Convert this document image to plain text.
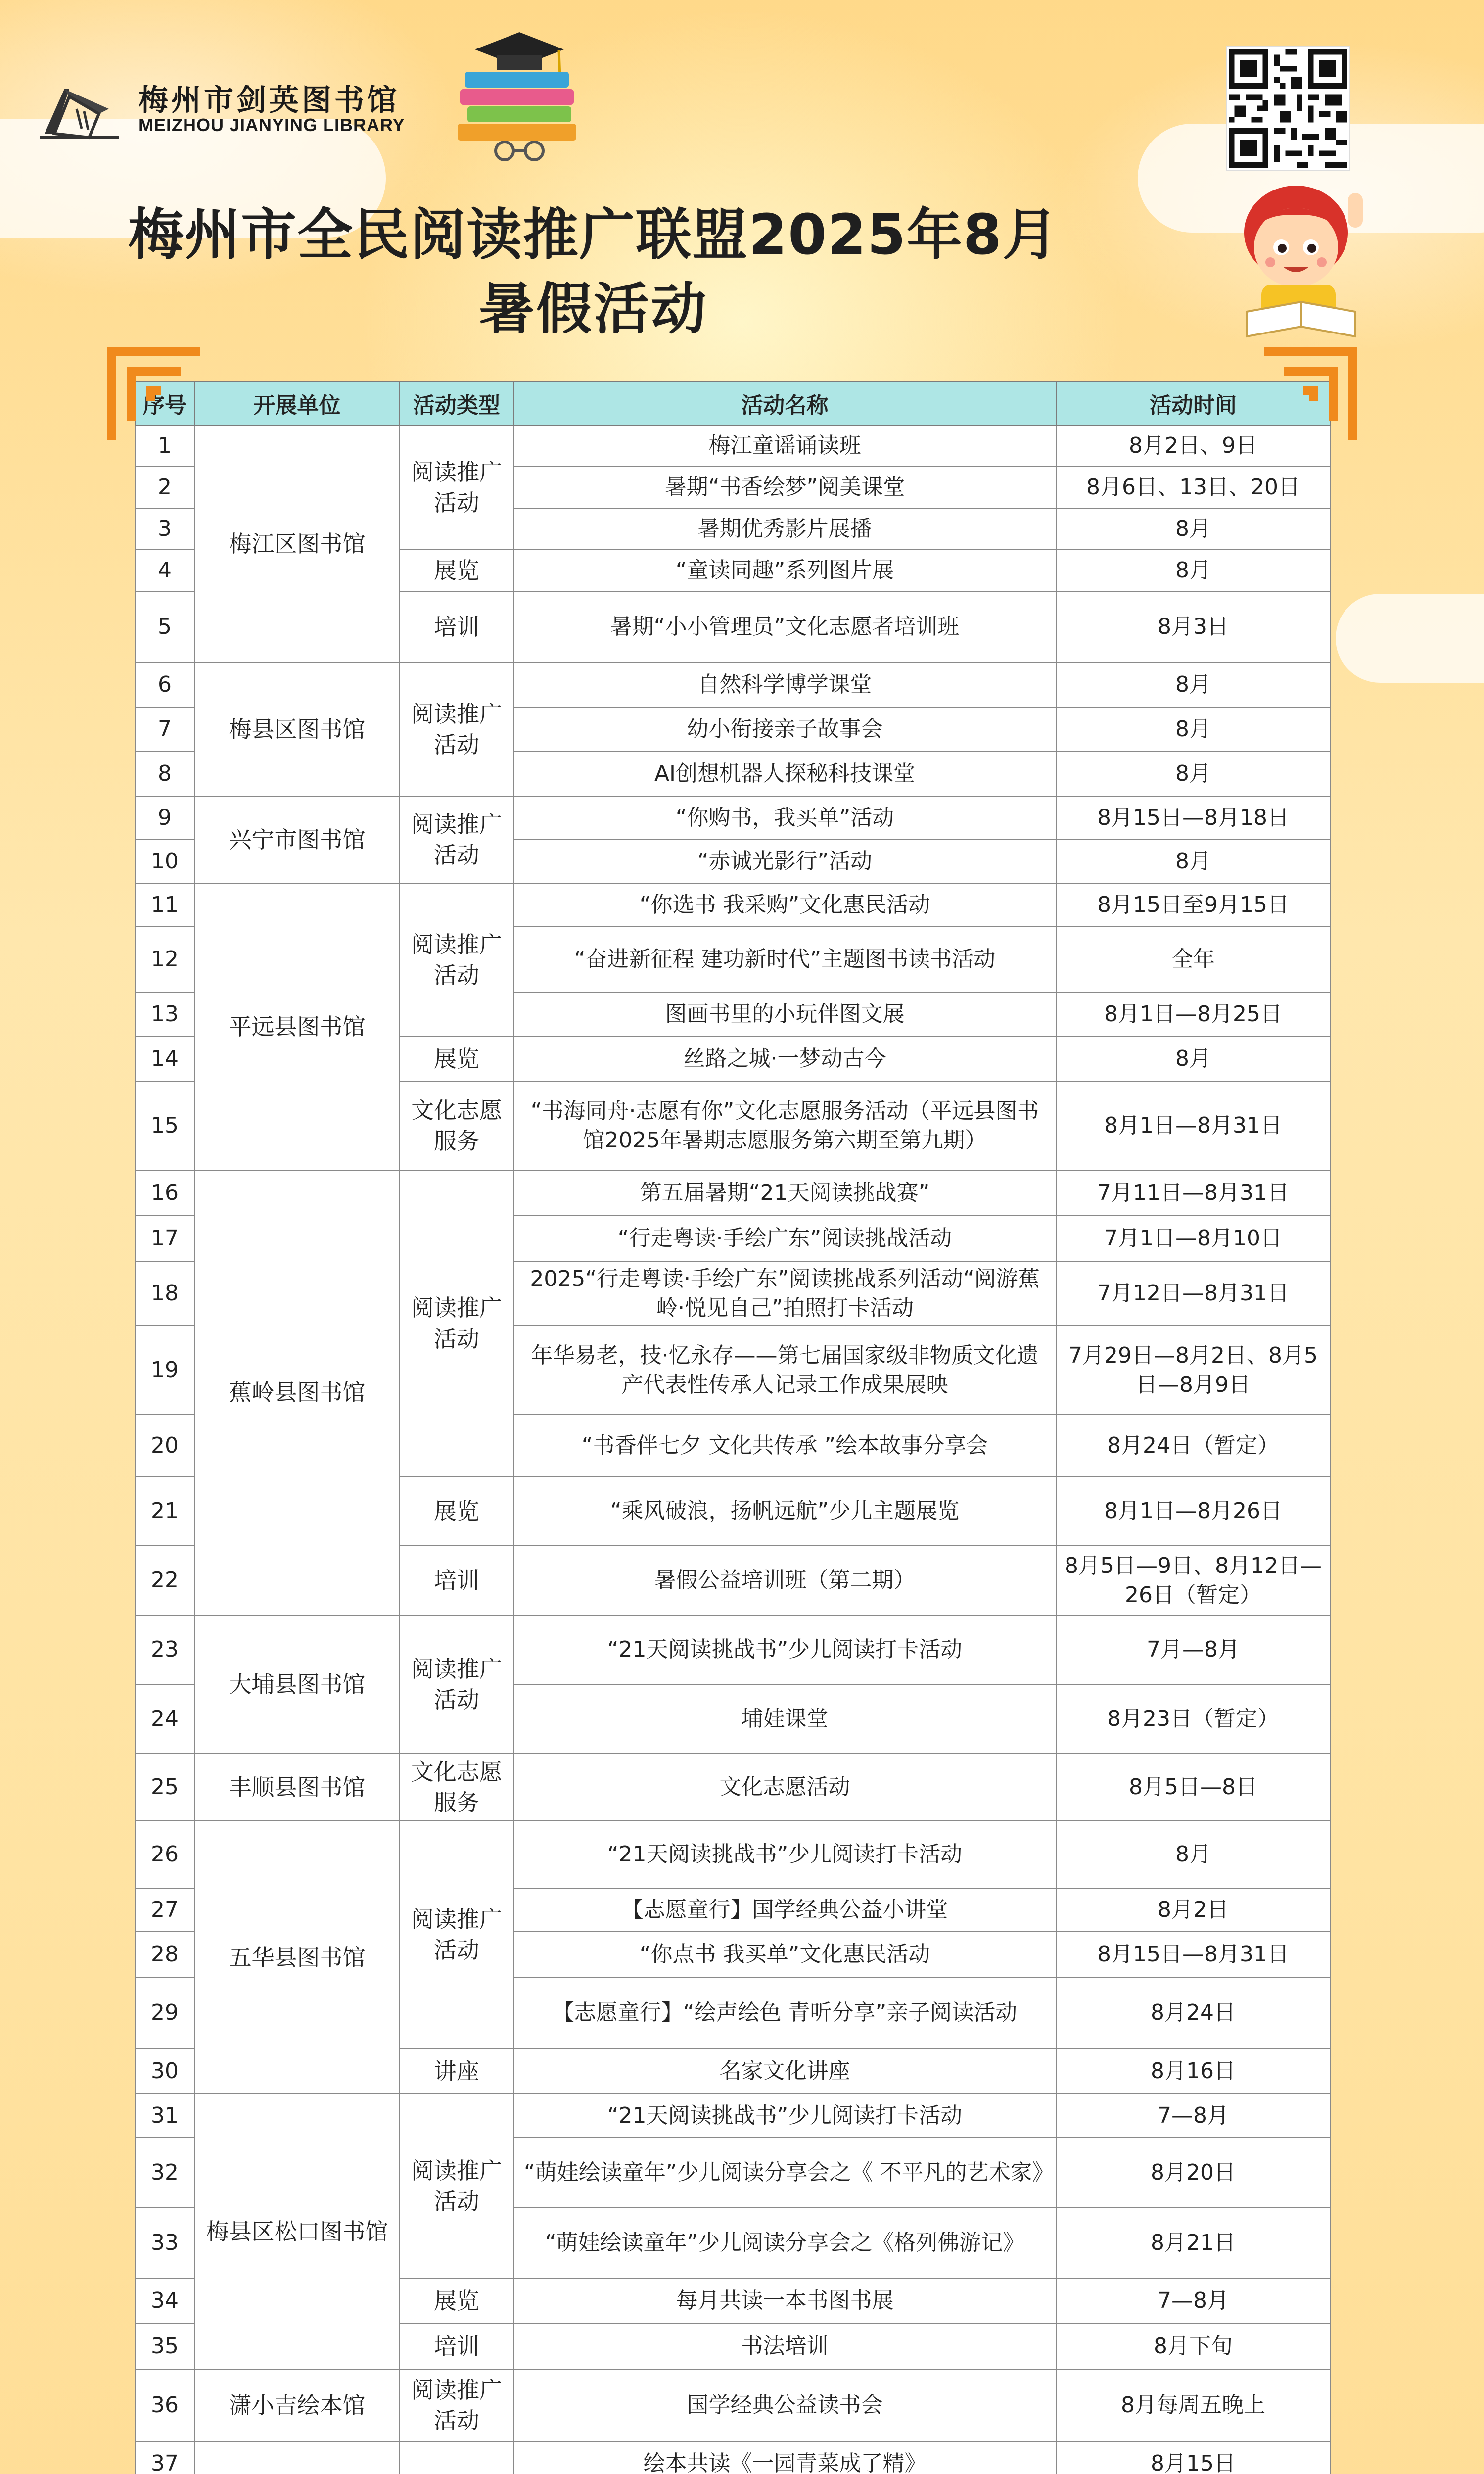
梅州市剑英图书馆
MEIZHOU JIANYING LIBRARY
梅州市全民阅读推广联盟2025年8月
暑假活动
序号	开展单位	活动类型	活动名称	活动时间
1	梅江区图书馆	阅读推广活动	梅江童谣诵读班	8月2日、9日
2			暑期“书香绘梦”阅美课堂	8月6日、13日、20日
3			暑期优秀影片展播	8月
4		展览	“童读同趣”系列图片展	8月
5		培训	暑期“小小管理员”文化志愿者培训班	8月3日
6	梅县区图书馆	阅读推广活动	自然科学博学课堂	8月
7			幼小衔接亲子故事会	8月
8			AI创想机器人探秘科技课堂	8月
9	兴宁市图书馆	阅读推广活动	“你购书，我买单”活动	8月15日—8月18日
10			“赤诚光影行”活动	8月
11	平远县图书馆	阅读推广活动	“你选书 我采购”文化惠民活动	8月15日至9月15日
12			“奋进新征程 建功新时代”主题图书读书活动	全年
13			图画书里的小玩伴图文展	8月1日—8月25日
14		展览	丝路之城·一梦动古今	8月
15		文化志愿服务	“书海同舟·志愿有你”文化志愿服务活动（平远县图书馆2025年暑期志愿服务第六期至第九期）	8月1日—8月31日
16	蕉岭县图书馆	阅读推广活动	第五届暑期“21天阅读挑战赛”	7月11日—8月31日
17			“行走粤读·手绘广东”阅读挑战活动	7月1日—8月10日
18			2025“行走粤读·手绘广东”阅读挑战系列活动“阅游蕉岭·悦见自己”拍照打卡活动	7月12日—8月31日
19			年华易老，技·忆永存——第七届国家级非物质文化遗产代表性传承人记录工作成果展映	7月29日—8月2日、8月5日—8月9日
20			“书香伴七夕 文化共传承 ”绘本故事分享会	8月24日（暂定）
21		展览	“乘风破浪，扬帆远航”少儿主题展览	8月1日—8月26日
22		培训	暑假公益培训班（第二期）	8月5日—9日、8月12日—26日（暂定）
23	大埔县图书馆	阅读推广活动	“21天阅读挑战书”少儿阅读打卡活动	7月—8月
24			埔娃课堂	8月23日（暂定）
25	丰顺县图书馆	文化志愿服务	文化志愿活动	8月5日—8日
26	五华县图书馆	阅读推广活动	“21天阅读挑战书”少儿阅读打卡活动	8月
27			【志愿童行】国学经典公益小讲堂	8月2日
28			“你点书 我买单”文化惠民活动	8月15日—8月31日
29			【志愿童行】“绘声绘色 青听分享”亲子阅读活动	8月24日
30		讲座	名家文化讲座	8月16日
31	梅县区松口图书馆	阅读推广活动	“21天阅读挑战书”少儿阅读打卡活动	7—8月
32			“萌娃绘读童年”少儿阅读分享会之《 不平凡的艺术家》	8月20日
33			“萌娃绘读童年”少儿阅读分享会之《格列佛游记》	8月21日
34		展览	每月共读一本书图书展	7—8月
35		培训	书法培训	8月下旬
36	潇小吉绘本馆	阅读推广活动	国学经典公益读书会	8月每周五晚上
37			绘本共读《一园青菜成了精》	8月15日
